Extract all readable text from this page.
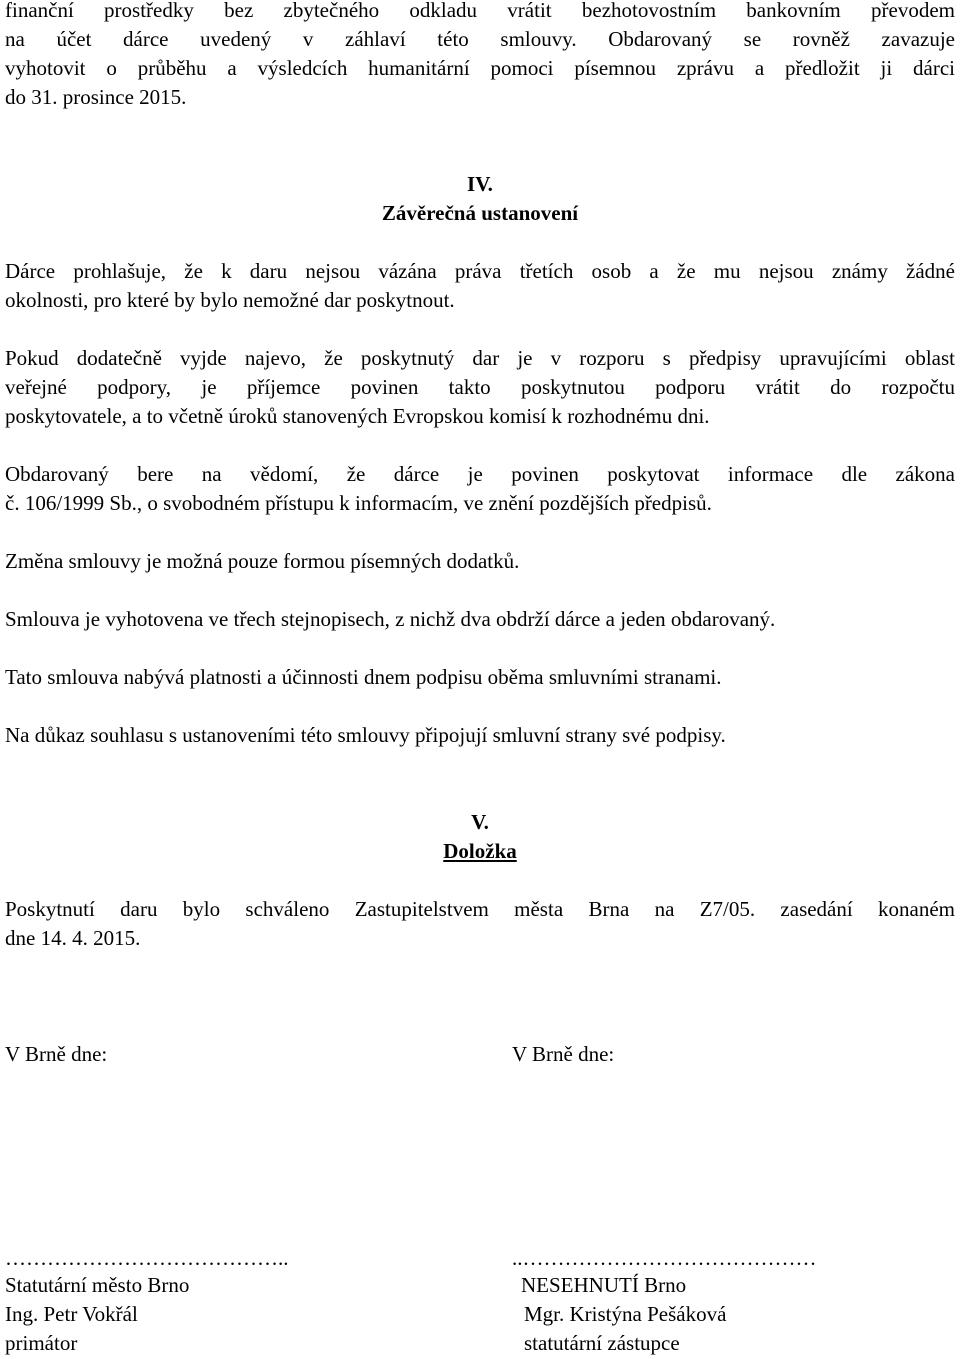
finanční prostředky bez zbytečného odkladu vrátit bezhotovostním bankovním převodem
na účet dárce uvedený v záhlaví této smlouvy. Obdarovaný se rovněž zavazuje
vyhotovit o průběhu a výsledcích humanitární pomoci písemnou zprávu a předložit ji dárci
do 31. prosince 2015.
IV.
Závěrečná ustanovení
Dárce prohlašuje, že k daru nejsou vázána práva třetích osob a že mu nejsou známy žádné
okolnosti, pro které by bylo nemožné dar poskytnout.
Pokud dodatečně vyjde najevo, že poskytnutý dar je v rozporu s předpisy upravujícími oblast
veřejné podpory, je příjemce povinen takto poskytnutou podporu vrátit do rozpočtu
poskytovatele, a to včetně úroků stanovených Evropskou komisí k rozhodnému dni.
Obdarovaný bere na vědomí, že dárce je povinen poskytovat informace dle zákona
č. 106/1999 Sb., o svobodném přístupu k informacím, ve znění pozdějších předpisů.
Změna smlouvy je možná pouze formou písemných dodatků.
Smlouva je vyhotovena ve třech stejnopisech, z nichž dva obdrží dárce a jeden obdarovaný.
Tato smlouva nabývá platnosti a účinnosti dnem podpisu oběma smluvními stranami.
Na důkaz souhlasu s ustanoveními této smlouvy připojují smluvní strany své podpisy.
V.
Doložka
Poskytnutí daru bylo schváleno Zastupitelstvem města Brna na Z7/05. zasedání konaném
dne 14. 4. 2015.
V Brně dne:	V Brně dne:
…………………………………..	..……………………………………
Statutární město Brno	NESEHNUTÍ Brno
Ing. Petr Vokřál	Mgr. Kristýna Pešáková
primátor	statutární zástupce
